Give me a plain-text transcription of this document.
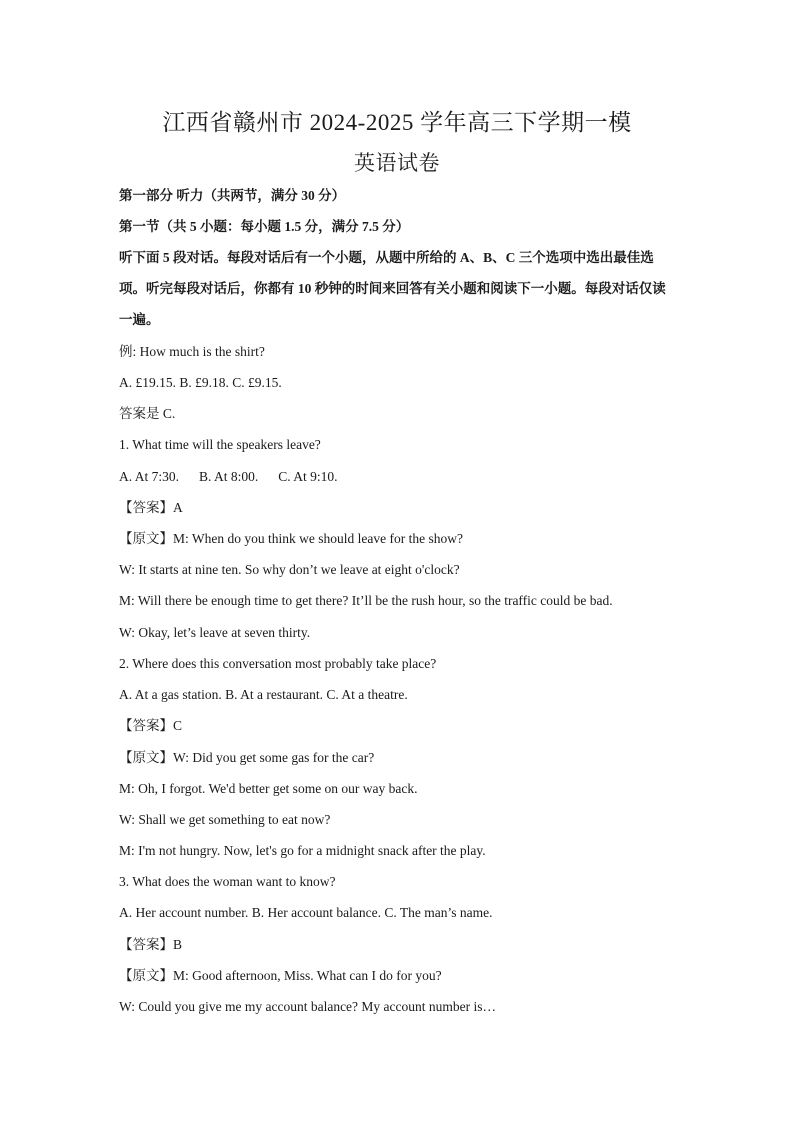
江西省赣州市 2024-2025 学年高三下学期一模
英语试卷
第一部分 听力（共两节，满分 30 分）
第一节（共 5 小题：每小题 1.5 分，满分 7.5 分）
听下面 5 段对话。每段对话后有一个小题，从题中所给的 A、B、C 三个选项中选出最佳选项。听完每段对话后，你都有 10 秒钟的时间来回答有关小题和阅读下一小题。每段对话仅读一遍。
例: How much is the shirt?
A. £19.15. B. £9.18. C. £9.15.
答案是 C.
1. What time will the speakers leave?
A. At 7:30. B. At 8:00. C. At 9:10.
【答案】A
【原文】M: When do you think we should leave for the show?
W: It starts at nine ten. So why don’t we leave at eight o'clock?
M: Will there be enough time to get there? It’ll be the rush hour, so the traffic could be bad.
W: Okay, let’s leave at seven thirty.
2. Where does this conversation most probably take place?
A. At a gas station. B. At a restaurant. C. At a theatre.
【答案】C
【原文】W: Did you get some gas for the car?
M: Oh, I forgot. We'd better get some on our way back.
W: Shall we get something to eat now?
M: I'm not hungry. Now, let's go for a midnight snack after the play.
3. What does the woman want to know?
A. Her account number. B. Her account balance. C. The man’s name.
【答案】B
【原文】M: Good afternoon, Miss. What can I do for you?
W: Could you give me my account balance? My account number is…
